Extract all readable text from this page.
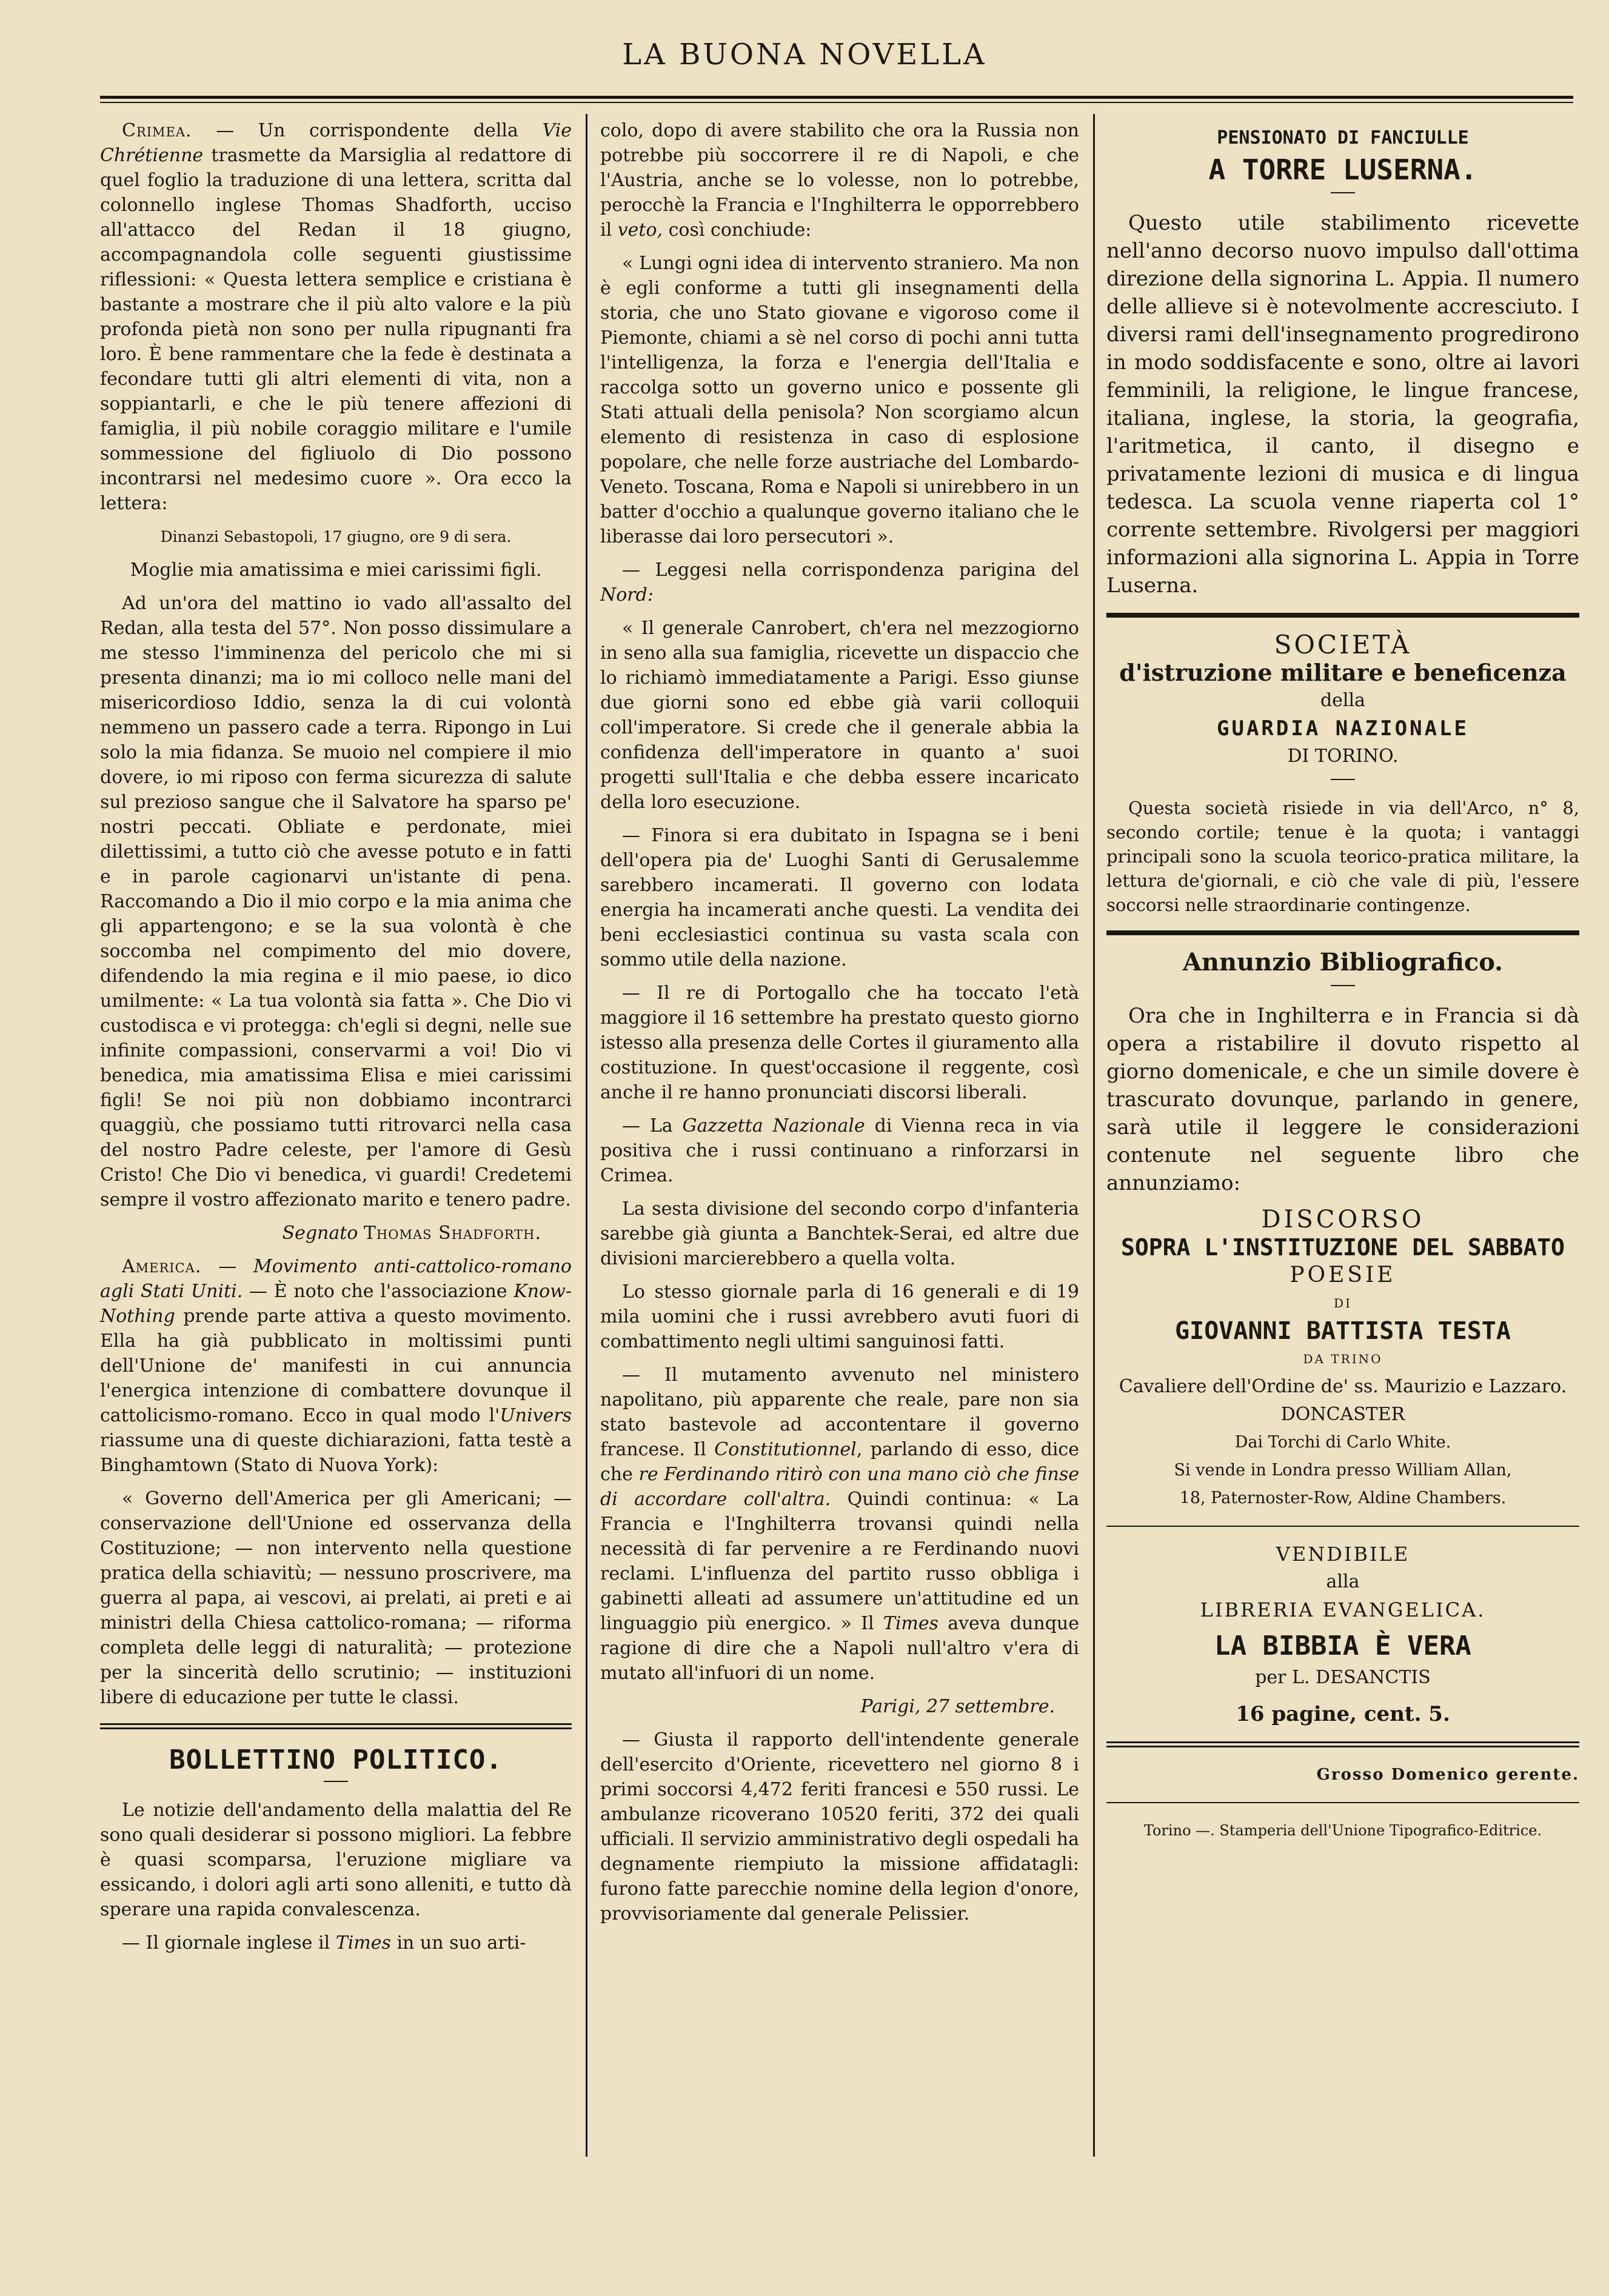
LA BUONA NOVELLA

Crimea. — Un corrispondente della Vie Chrétienne trasmette da Marsiglia al redattore di quel foglio la traduzione di una lettera, scritta dal colonnello inglese Thomas Shadforth, ucciso all'attacco del Redan il 18 giugno, accompagnandola colle seguenti giustissime riflessioni: « Questa lettera semplice e cristiana è bastante a mostrare che il più alto valore e la più profonda pietà non sono per nulla ripugnanti fra loro. È bene rammentare che la fede è destinata a fecondare tutti gli altri elementi di vita, non a soppiantarli, e che le più tenere affezioni di famiglia, il più nobile coraggio militare e l'umile sommessione del figliuolo di Dio possono incontrarsi nel medesimo cuore ». Ora ecco la lettera:

Dinanzi Sebastopoli, 17 giugno, ore 9 di sera.

Moglie mia amatissima e miei carissimi figli.

Ad un'ora del mattino io vado all'assalto del Redan, alla testa del 57°. Non posso dissimulare a me stesso l'imminenza del pericolo che mi si presenta dinanzi; ma io mi colloco nelle mani del misericordioso Iddio, senza la di cui volontà nemmeno un passero cade a terra. Ripongo in Lui solo la mia fidanza. Se muoio nel compiere il mio dovere, io mi riposo con ferma sicurezza di salute sul prezioso sangue che il Salvatore ha sparso pe' nostri peccati. Obliate e perdonate, miei dilettissimi, a tutto ciò che avesse potuto e in fatti e in parole cagionarvi un'istante di pena. Raccomando a Dio il mio corpo e la mia anima che gli appartengono; e se la sua volontà è che soccomba nel compimento del mio dovere, difendendo la mia regina e il mio paese, io dico umilmente: « La tua volontà sia fatta ». Che Dio vi custodisca e vi protegga: ch'egli si degni, nelle sue infinite compassioni, conservarmi a voi! Dio vi benedica, mia amatissima Elisa e miei carissimi figli! Se noi più non dobbiamo incontrarci quaggiù, che possiamo tutti ritrovarci nella casa del nostro Padre celeste, per l'amore di Gesù Cristo! Che Dio vi benedica, vi guardi! Credetemi sempre il vostro affezionato marito e tenero padre.

Segnato Thomas Shadforth.

America. — Movimento anti-cattolico-romano agli Stati Uniti. — È noto che l'associazione Know-Nothing prende parte attiva a questo movimento. Ella ha già pubblicato in moltissimi punti dell'Unione de' manifesti in cui annuncia l'energica intenzione di combattere dovunque il cattolicismo-romano. Ecco in qual modo l'Univers riassume una di queste dichiarazioni, fatta testè a Binghamtown (Stato di Nuova York):

« Governo dell'America per gli Americani; — conservazione dell'Unione ed osservanza della Costituzione; — non intervento nella questione pratica della schiavitù; — nessuno proscrivere, ma guerra al papa, ai vescovi, ai prelati, ai preti e ai ministri della Chiesa cattolico-romana; — riforma completa delle leggi di naturalità; — protezione per la sincerità dello scrutinio; — instituzioni libere di educazione per tutte le classi.

BOLLETTINO POLITICO.

Le notizie dell'andamento della malattia del Re sono quali desiderar si possono migliori. La febbre è quasi scomparsa, l'eruzione migliare va essicando, i dolori agli arti sono alleniti, e tutto dà sperare una rapida convalescenza.

— Il giornale inglese il Times in un suo arti-

colo, dopo di avere stabilito che ora la Russia non potrebbe più soccorrere il re di Napoli, e che l'Austria, anche se lo volesse, non lo potrebbe, perocchè la Francia e l'Inghilterra le opporrebbero il veto, così conchiude:

« Lungi ogni idea di intervento straniero. Ma non è egli conforme a tutti gli insegnamenti della storia, che uno Stato giovane e vigoroso come il Piemonte, chiami a sè nel corso di pochi anni tutta l'intelligenza, la forza e l'energia dell'Italia e raccolga sotto un governo unico e possente gli Stati attuali della penisola? Non scorgiamo alcun elemento di resistenza in caso di esplosione popolare, che nelle forze austriache del Lombardo-Veneto. Toscana, Roma e Napoli si unirebbero in un batter d'occhio a qualunque governo italiano che le liberasse dai loro persecutori ».

— Leggesi nella corrispondenza parigina del Nord:

« Il generale Canrobert, ch'era nel mezzogiorno in seno alla sua famiglia, ricevette un dispaccio che lo richiamò immediatamente a Parigi. Esso giunse due giorni sono ed ebbe già varii colloquii coll'imperatore. Si crede che il generale abbia la confidenza dell'imperatore in quanto a' suoi progetti sull'Italia e che debba essere incaricato della loro esecuzione.

— Finora si era dubitato in Ispagna se i beni dell'opera pia de' Luoghi Santi di Gerusalemme sarebbero incamerati. Il governo con lodata energia ha incamerati anche questi. La vendita dei beni ecclesiastici continua su vasta scala con sommo utile della nazione.

— Il re di Portogallo che ha toccato l'età maggiore il 16 settembre ha prestato questo giorno istesso alla presenza delle Cortes il giuramento alla costituzione. In quest'occasione il reggente, così anche il re hanno pronunciati discorsi liberali.

— La Gazzetta Nazionale di Vienna reca in via positiva che i russi continuano a rinforzarsi in Crimea.

La sesta divisione del secondo corpo d'infanteria sarebbe già giunta a Banchtek-Serai, ed altre due divisioni marcierebbero a quella volta.

Lo stesso giornale parla di 16 generali e di 19 mila uomini che i russi avrebbero avuti fuori di combattimento negli ultimi sanguinosi fatti.

— Il mutamento avvenuto nel ministero napolitano, più apparente che reale, pare non sia stato bastevole ad accontentare il governo francese. Il Constitutionnel, parlando di esso, dice che re Ferdinando ritirò con una mano ciò che finse di accordare coll'altra. Quindi continua: « La Francia e l'Inghilterra trovansi quindi nella necessità di far pervenire a re Ferdinando nuovi reclami. L'influenza del partito russo obbliga i gabinetti alleati ad assumere un'attitudine ed un linguaggio più energico. » Il Times aveva dunque ragione di dire che a Napoli null'altro v'era di mutato all'infuori di un nome.

Parigi, 27 settembre.

— Giusta il rapporto dell'intendente generale dell'esercito d'Oriente, ricevettero nel giorno 8 i primi soccorsi 4,472 feriti francesi e 550 russi. Le ambulanze ricoverano 10520 feriti, 372 dei quali ufficiali. Il servizio amministrativo degli ospedali ha degnamente riempiuto la missione affidatagli: furono fatte parecchie nomine della legion d'onore, provvisoriamente dal generale Pelissier.

PENSIONATO DI FANCIULLE
A TORRE LUSERNA.

Questo utile stabilimento ricevette nell'anno decorso nuovo impulso dall'ottima direzione della signorina L. Appia. Il numero delle allieve si è notevolmente accresciuto. I diversi rami dell'insegnamento progredirono in modo soddisfacente e sono, oltre ai lavori femminili, la religione, le lingue francese, italiana, inglese, la storia, la geografia, l'aritmetica, il canto, il disegno e privatamente lezioni di musica e di lingua tedesca. La scuola venne riaperta col 1° corrente settembre. Rivolgersi per maggiori informazioni alla signorina L. Appia in Torre Luserna.

SOCIETÀ
d'istruzione militare e beneficenza
della
GUARDIA NAZIONALE
DI TORINO.

Questa società risiede in via dell'Arco, n° 8, secondo cortile; tenue è la quota; i vantaggi principali sono la scuola teorico-pratica militare, la lettura de'giornali, e ciò che vale di più, l'essere soccorsi nelle straordinarie contingenze.

Annunzio Bibliografico.

Ora che in Inghilterra e in Francia si dà opera a ristabilire il dovuto rispetto al giorno domenicale, e che un simile dovere è trascurato dovunque, parlando in genere, sarà utile il leggere le considerazioni contenute nel seguente libro che annunziamo:

DISCORSO
SOPRA L'INSTITUZIONE DEL SABBATO
POESIE
DI
GIOVANNI BATTISTA TESTA
DA TRINO
Cavaliere dell'Ordine de' ss. Maurizio e Lazzaro.
DONCASTER
Dai Torchi di Carlo White.
Si vende in Londra presso William Allan,
18, Paternoster-Row, Aldine Chambers.
VENDIBILE
alla
LIBRERIA EVANGELICA.
LA BIBBIA È VERA
per L. DESANCTIS
16 pagine, cent. 5.
Grosso Domenico gerente.
Torino —. Stamperia dell'Unione Tipografico-Editrice.
